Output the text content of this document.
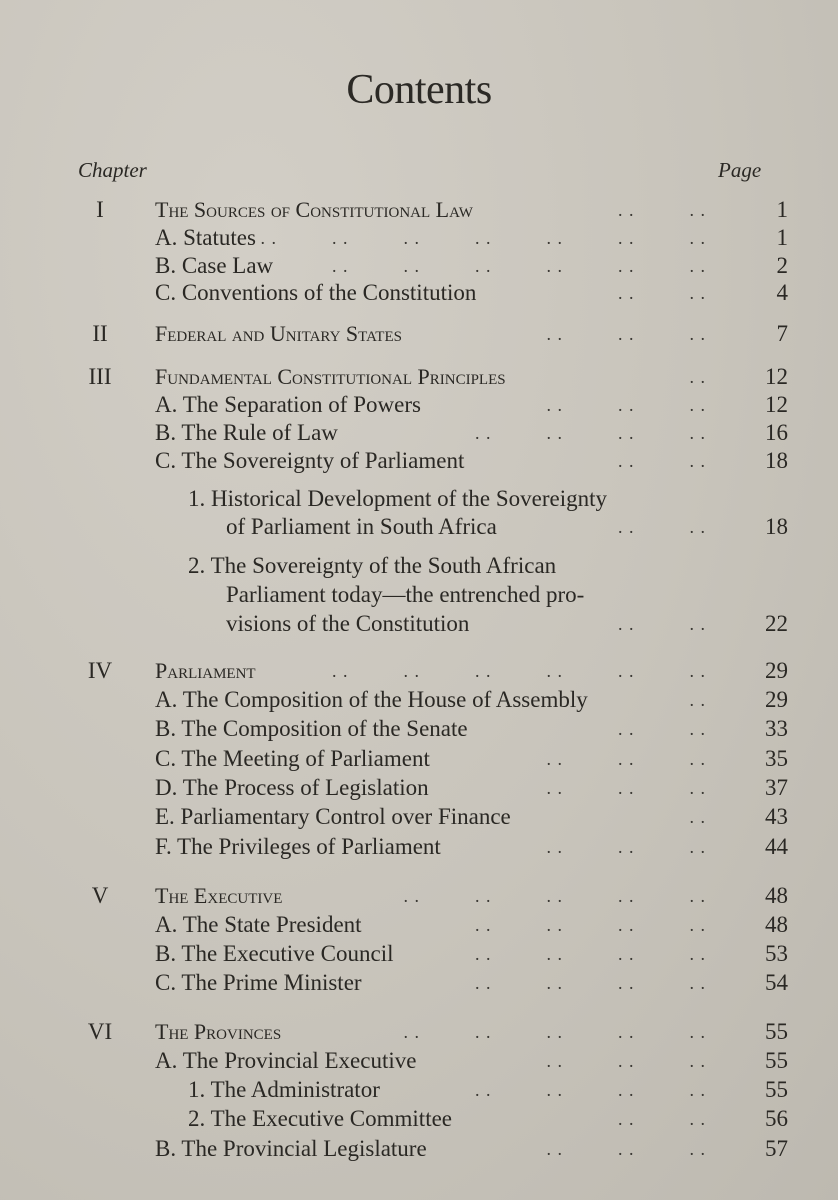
Contents
Chapter	Page
I	The Sources of Constitutional Law	. .          . .	1
A. Statutes . .          . .          . .          . .          . .          . .          . .	1
B. Case Law	. .          . .          . .          . .          . .          . .	2
C. Conventions of the Constitution	. .          . .	4
II	Federal and Unitary States	. .          . .          . .	7
III	Fundamental Constitutional Principles	. .	12
A. The Separation of Powers	. .          . .          . .	12
B. The Rule of Law	. .          . .          . .          . .	16
C. The Sovereignty of Parliament	. .          . .	18
1. Historical Development of the Sovereignty
of Parliament in South Africa	. .          . .	18
2. The Sovereignty of the South African
Parliament today—the entrenched pro-
visions of the Constitution	. .          . .	22
IV	Parliament	. .          . .          . .          . .          . .          . .	29
A. The Composition of the House of Assembly	. .	29
B. The Composition of the Senate	. .          . .	33
C. The Meeting of Parliament	. .          . .          . .	35
D. The Process of Legislation	. .          . .          . .	37
E. Parliamentary Control over Finance	. .	43
F. The Privileges of Parliament	. .          . .          . .	44
V	The Executive	. .          . .          . .          . .          . .	48
A. The State President	. .          . .          . .          . .	48
B. The Executive Council	. .          . .          . .          . .	53
C. The Prime Minister	. .          . .          . .          . .	54
VI	The Provinces	. .          . .          . .          . .          . .	55
A. The Provincial Executive	. .          . .          . .	55
1. The Administrator	. .          . .          . .          . .	55
2. The Executive Committee	. .          . .	56
B. The Provincial Legislature	. .          . .          . .	57
